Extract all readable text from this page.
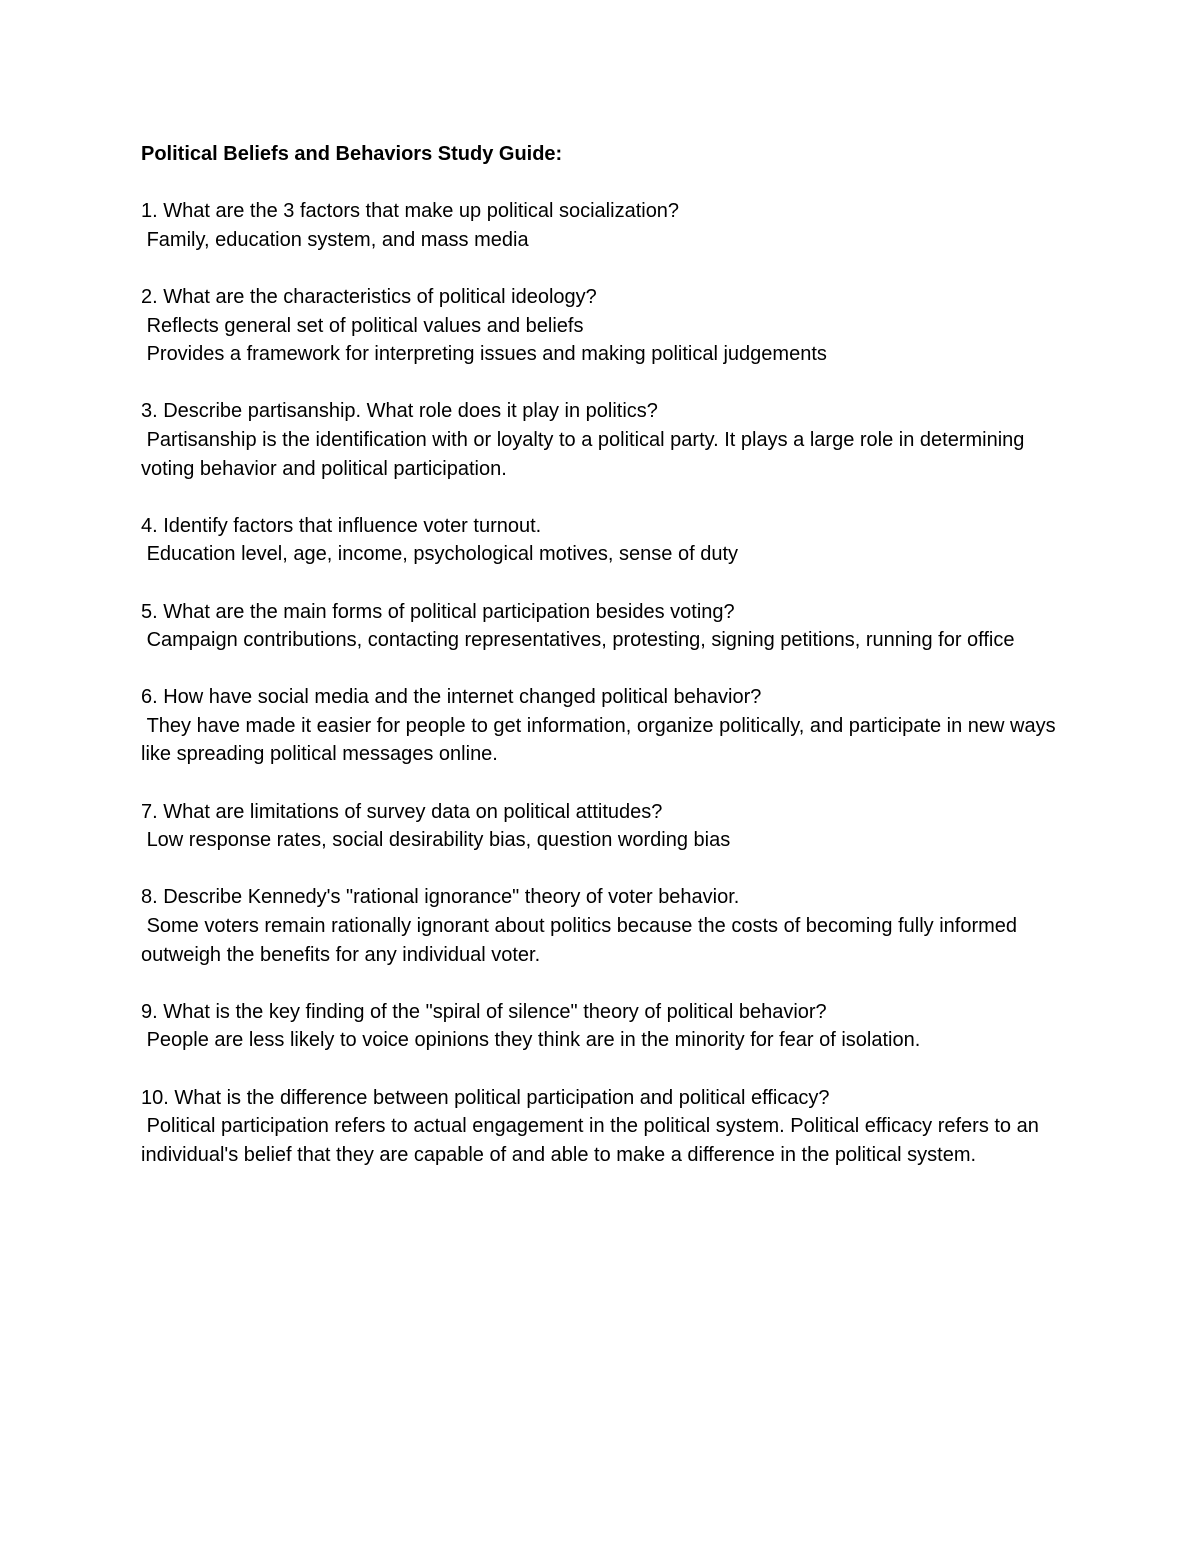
Political Beliefs and Behaviors Study Guide:

1. What are the 3 factors that make up political socialization?

Family, education system, and mass media

2. What are the characteristics of political ideology?

Reflects general set of political values and beliefs

Provides a framework for interpreting issues and making political judgements

3. Describe partisanship. What role does it play in politics?

Partisanship is the identification with or loyalty to a political party. It plays a large role in determining voting behavior and political participation.

4. Identify factors that influence voter turnout.

Education level, age, income, psychological motives, sense of duty

5. What are the main forms of political participation besides voting?

Campaign contributions, contacting representatives, protesting, signing petitions, running for office

6. How have social media and the internet changed political behavior?

They have made it easier for people to get information, organize politically, and participate in new ways like spreading political messages online.

7. What are limitations of survey data on political attitudes?

Low response rates, social desirability bias, question wording bias

8. Describe Kennedy's "rational ignorance" theory of voter behavior.

Some voters remain rationally ignorant about politics because the costs of becoming fully informed outweigh the benefits for any individual voter.

9. What is the key finding of the "spiral of silence" theory of political behavior?

People are less likely to voice opinions they think are in the minority for fear of isolation.

10. What is the difference between political participation and political efficacy?

Political participation refers to actual engagement in the political system. Political efficacy refers to an individual's belief that they are capable of and able to make a difference in the political system.
